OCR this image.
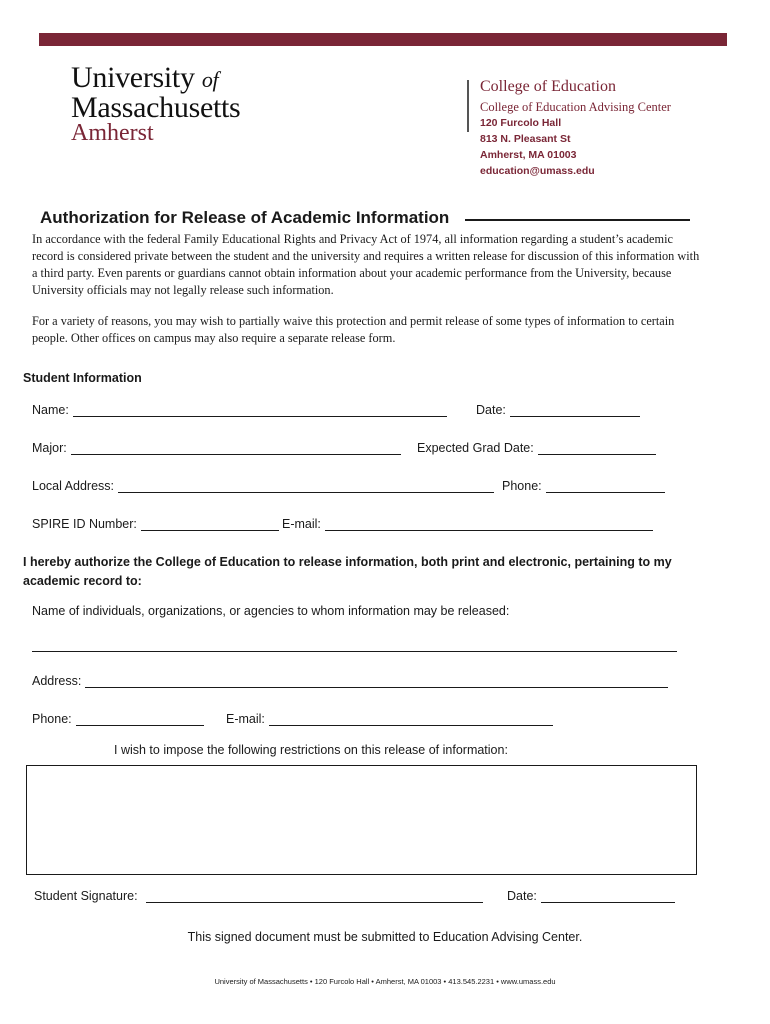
University of
Massachusetts
Amherst
College of Education
College of Education Advising Center
120 Furcolo Hall
813 N. Pleasant St
Amherst, MA 01003
education@umass.edu
Authorization for Release of Academic Information
In accordance with the federal Family Educational Rights and Privacy Act of 1974, all information regarding a student’s academic record is considered private between the student and the university and requires a written release for discussion of this information with a third party. Even parents or guardians cannot obtain information about your academic performance from the University, because University officials may not legally release such information.
For a variety of reasons, you may wish to partially waive this protection and permit release of some types of information to certain people. Other offices on campus may also require a separate release form.
Student Information
Name:	Date:
Major:	Expected Grad Date:
Local Address:	Phone:
SPIRE ID Number:	E-mail:
I hereby authorize the College of Education to release information, both print and electronic, pertaining to my academic record to:
Name of individuals, organizations, or agencies to whom information may be released:
Address:
Phone:	E-mail:
I wish to impose the following restrictions on this release of information:
Student Signature:	Date:
This signed document must be submitted to Education Advising Center.
University of Massachusetts • 120 Furcolo Hall • Amherst, MA 01003 • 413.545.2231 • www.umass.edu
